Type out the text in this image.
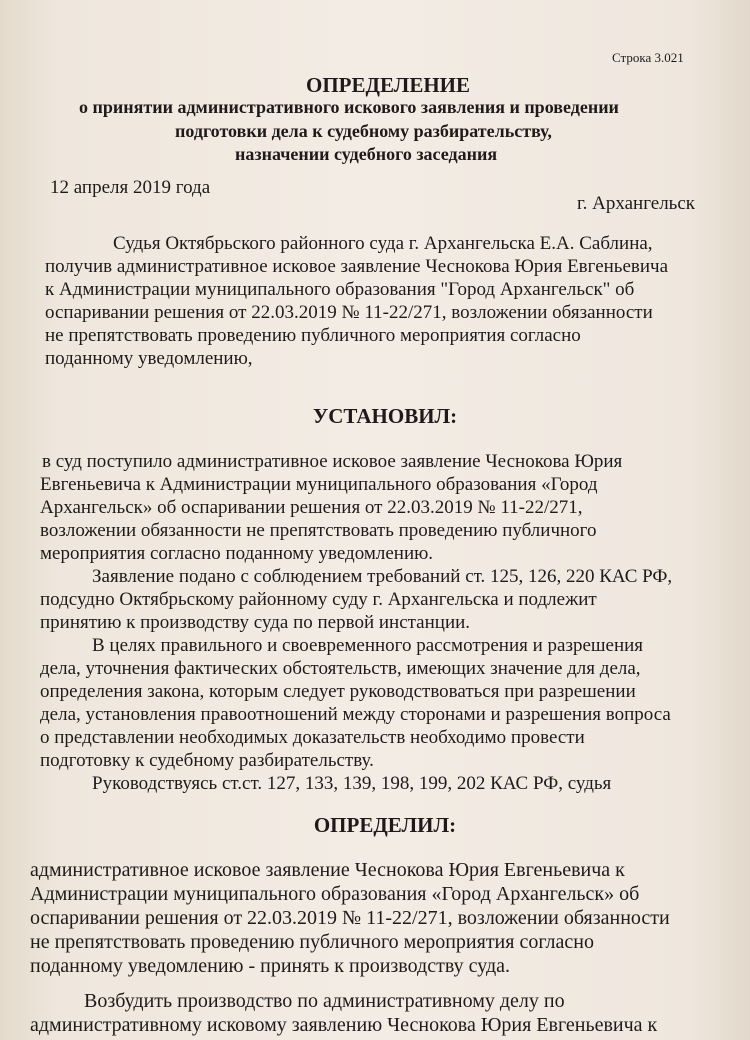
Строка 3.021
ОПРЕДЕЛЕНИЕ
о принятии административного искового заявления и проведении
подготовки дела к судебному разбирательству,
назначении судебного заседания
12 апреля 2019 года
г. Архангельск
Судья Октябрьского районного суда г. Архангельска Е.А. Саблина,
получив административное исковое заявление Чеснокова Юрия Евгеньевича
к Администрации муниципального образования "Город Архангельск" об
оспаривании решения от 22.03.2019 № 11-22/271, возложении обязанности
не препятствовать проведению публичного мероприятия согласно
поданному уведомлению,
УСТАНОВИЛ:
в суд поступило административное исковое заявление Чеснокова Юрия
Евгеньевича к Администрации муниципального образования «Город
Архангельск» об оспаривании решения от 22.03.2019 № 11-22/271,
возложении обязанности не препятствовать проведению публичного
мероприятия согласно поданному уведомлению.
Заявление подано с соблюдением требований ст. 125, 126, 220 КАС РФ,
подсудно Октябрьскому районному суду г. Архангельска и подлежит
принятию к производству суда по первой инстанции.
В целях правильного и своевременного рассмотрения и разрешения
дела, уточнения фактических обстоятельств, имеющих значение для дела,
определения закона, которым следует руководствоваться при разрешении
дела, установления правоотношений между сторонами и разрешения вопроса
о представлении необходимых доказательств необходимо провести
подготовку к судебному разбирательству.
Руководствуясь ст.ст. 127, 133, 139, 198, 199, 202 КАС РФ, судья
ОПРЕДЕЛИЛ:
административное исковое заявление Чеснокова Юрия Евгеньевича к
Администрации муниципального образования «Город Архангельск» об
оспаривании решения от 22.03.2019 № 11-22/271, возложении обязанности
не препятствовать проведению публичного мероприятия согласно
поданному уведомлению - принять к производству суда.
Возбудить производство по административному делу по
административному исковому заявлению Чеснокова Юрия Евгеньевича к
